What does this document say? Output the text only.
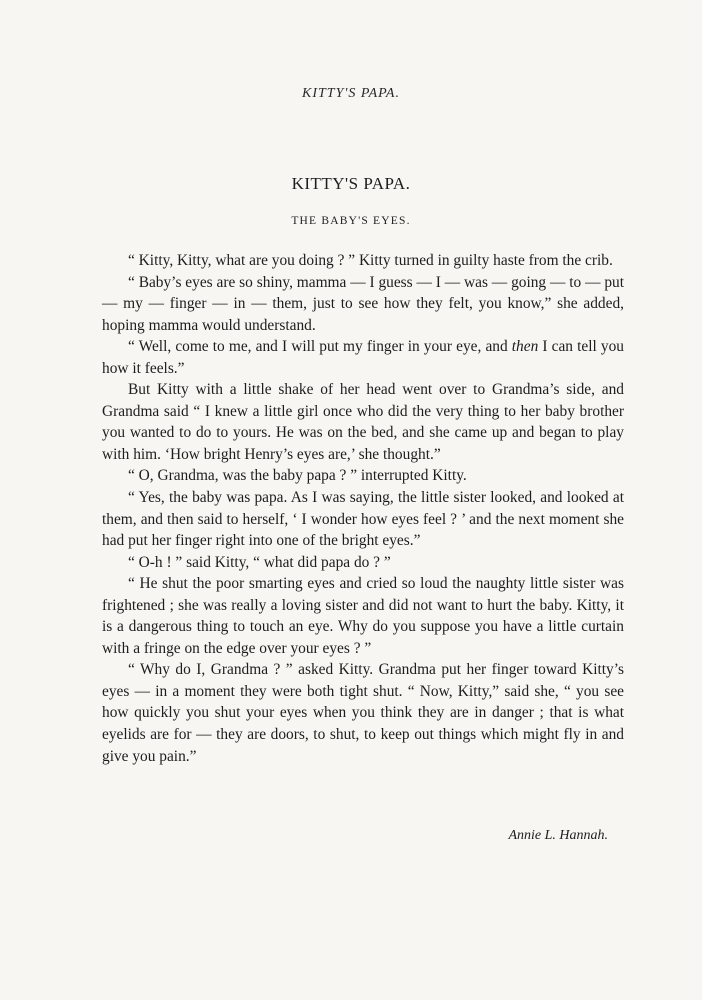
KITTY'S PAPA.
KITTY'S PAPA.
THE BABY'S EYES.

“ Kitty, Kitty, what are you doing ? ” Kitty turned in guilty haste from the crib.

“ Baby’s eyes are so shiny, mamma — I guess — I — was — going — to — put — my — finger — in — them, just to see how they felt, you know,” she added, hoping mamma would understand.

“ Well, come to me, and I will put my finger in your eye, and then I can tell you how it feels.”

But Kitty with a little shake of her head went over to Grandma’s side, and Grandma said “ I knew a little girl once who did the very thing to her baby brother you wanted to do to yours. He was on the bed, and she came up and began to play with him. ‘How bright Henry’s eyes are,’ she thought.”

“ O, Grandma, was the baby papa ? ” interrupted Kitty.

“ Yes, the baby was papa. As I was saying, the little sister looked, and looked at them, and then said to herself, ‘ I wonder how eyes feel ? ’ and the next moment she had put her finger right into one of the bright eyes.”

“ O-h ! ” said Kitty, “ what did papa do ? ”

“ He shut the poor smarting eyes and cried so loud the naughty little sister was frightened ; she was really a loving sister and did not want to hurt the baby. Kitty, it is a dangerous thing to touch an eye. Why do you suppose you have a little curtain with a fringe on the edge over your eyes ? ”

“ Why do I, Grandma ? ” asked Kitty. Grandma put her finger toward Kitty’s eyes — in a moment they were both tight shut. “ Now, Kitty,” said she, “ you see how quickly you shut your eyes when you think they are in danger ; that is what eyelids are for — they are doors, to shut, to keep out things which might fly in and give you pain.”

Annie L. Hannah.
